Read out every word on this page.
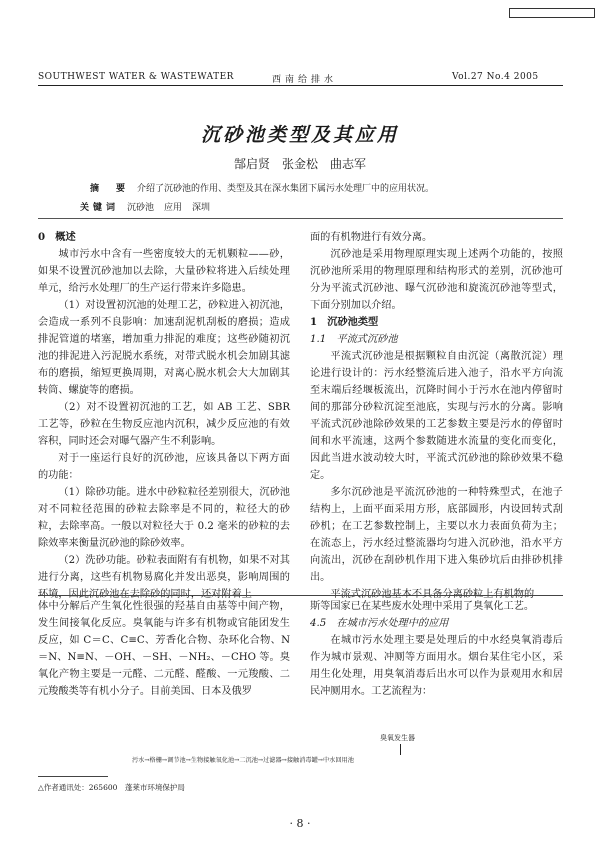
SOUTHWEST WATER & WASTEWATER	西南给排水	Vol.27 No.4 2005
沉砂池类型及其应用
郜启贤　张金松　曲志军
摘　要 介绍了沉砂池的作用、类型及其在深水集团下属污水处理厂中的应用状况。
关键词 沉砂池 应用 深圳

0　概述

城市污水中含有一些密度较大的无机颗粒——砂，如果不设置沉砂池加以去除，大量砂粒将进入后续处理单元，给污水处理厂的生产运行带来许多隐患。

（1）对设置初沉池的处理工艺，砂粒进入初沉池，会造成一系列不良影响：加速刮泥机刮板的磨损；造成排泥管道的堵塞，增加重力排泥的难度；这些砂随初沉池的排泥进入污泥脱水系统，对带式脱水机会加剧其滤布的磨损，缩短更换周期，对离心脱水机会大大加剧其转筒、螺旋等的磨损。

（2）对不设置初沉池的工艺，如 AB 工艺、SBR工艺等，砂粒在生物反应池内沉积，减少反应池的有效容积，同时还会对曝气器产生不利影响。

对于一座运行良好的沉砂池，应该具备以下两方面的功能：

（1）除砂功能。进水中砂粒粒径差别很大，沉砂池对不同粒径范围的砂粒去除率是不同的，粒径大的砂粒，去除率高。一般以对粒径大于 0.2 毫米的砂粒的去除效率来衡量沉砂池的除砂效率。

（2）洗砂功能。砂粒表面附有有机物，如果不对其进行分离，这些有机物易腐化并发出恶臭，影响周围的

面的有机物进行有效分离。

沉砂池是采用物理原理实现上述两个功能的，按照沉砂池所采用的物理原理和结构形式的差别，沉砂池可分为平流式沉砂池、曝气沉砂池和旋流沉砂池等型式，下面分别加以介绍。

1　沉砂池类型

1.1　平流式沉砂池

平流式沉砂池是根据颗粒自由沉淀（离散沉淀）理论进行设计的：污水经整流后进入池子，沿水平方向流至末端后经堰板流出，沉降时间小于污水在池内停留时间的那部分砂粒沉淀至池底，实现与污水的分离。影响平流式沉砂池除砂效果的工艺参数主要是污水的停留时间和水平流速，这两个参数随进水流量的变化而变化，因此当进水波动较大时，平流式沉砂池的除砂效果不稳定。

多尔沉砂池是平流沉砂池的一种特殊型式，在池子结构上，上面平面采用方形，底部圆形，内设回转式刮砂机；在工艺参数控制上，主要以水力表面负荷为主；在流态上，污水经过整流器均匀进入沉砂池，沿水平方向流出，沉砂在刮砂机作用下进入集砂坑后由排砂机排出。

体中分解后产生氧化性很强的羟基自由基等中间产物，发生间接氧化反应。臭氧能与许多有机物或官能团发生反应，如 C＝C、C≡C、芳香化合物、杂环化合物、N＝N、N≡N、－OH、－SH、－NH₂、－CHO 等。臭氧化产物主要是一元醛、二元醛、醛酸、一元羧酸、二元羧酸类等有机小分子。目前美国、日本及俄罗

斯等国家已在某些废水处理中采用了臭氧化工艺。

4.5　在城市污水处理中的应用

在城市污水处理主要是处理后的中水经臭氧消毒后作为城市景观、冲厕等方面用水。烟台某住宅小区，采用生化处理，用臭氧消毒后出水可以作为景观用水和居民冲厕用水。工艺流程为：

臭氧发生器
污水→格栅→调节池→生物接触氧化池→二沉池→过滤器→接触消毒罐→中水回用池
△作者通讯处：265600　蓬莱市环境保护局
· 8 ·
